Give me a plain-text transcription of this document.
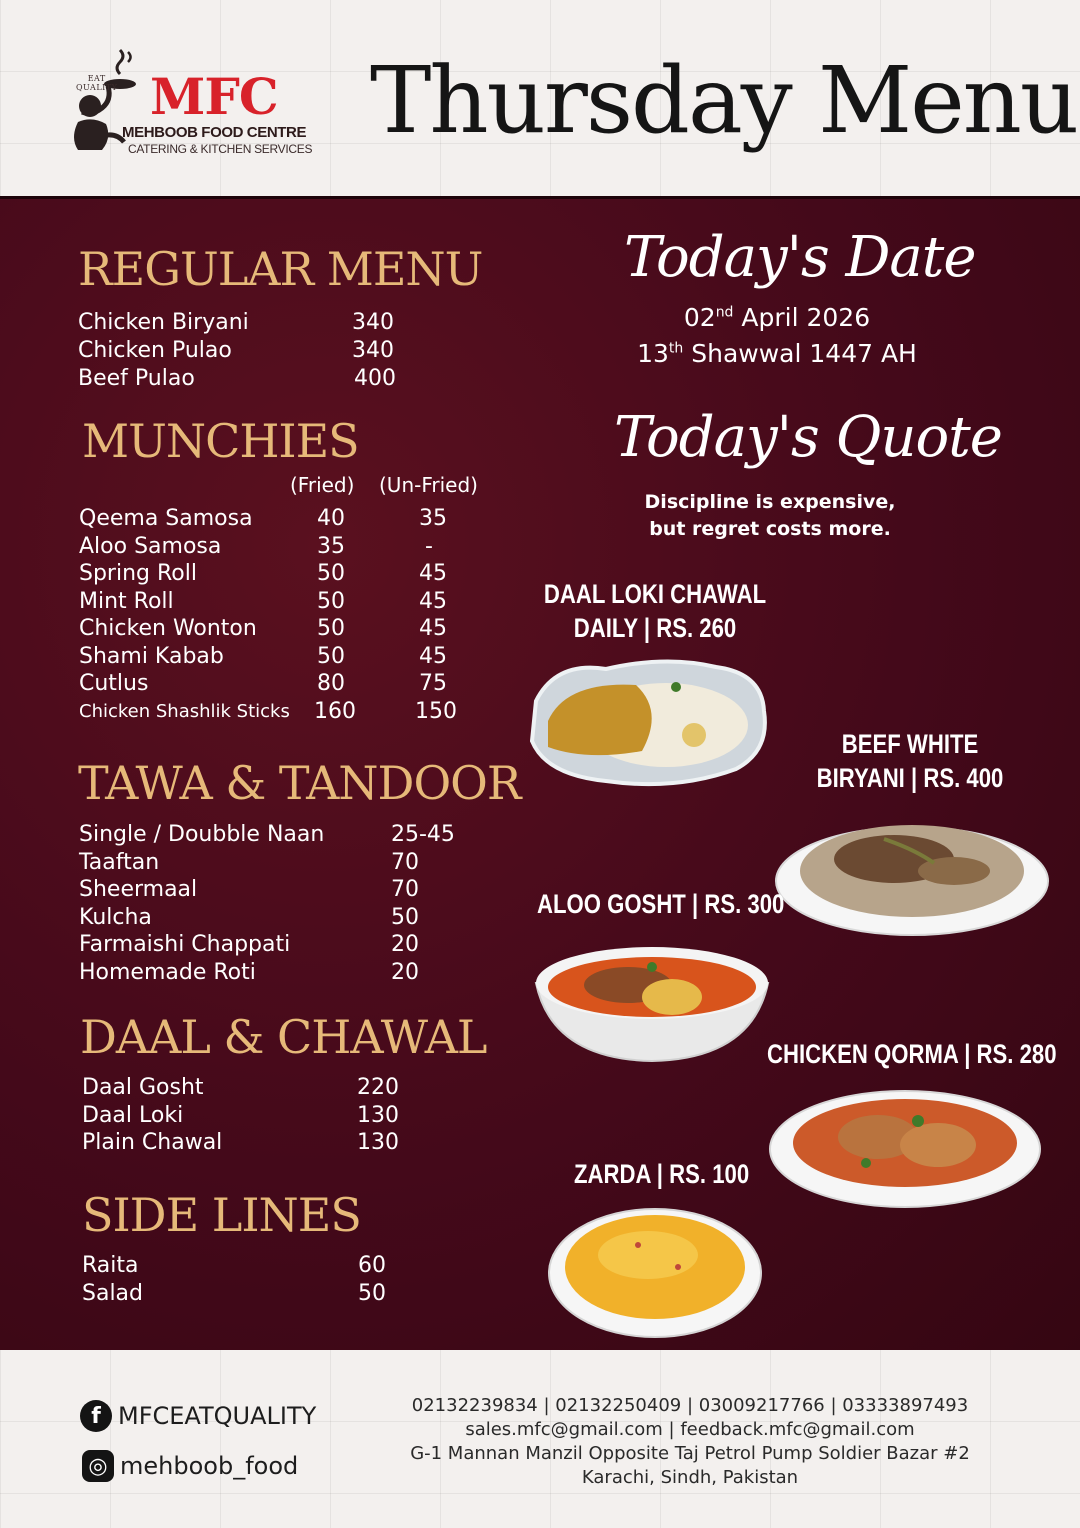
EAT
QUALITY MFC
MEHBOOB FOOD CENTRE
CATERING & KITCHEN SERVICES Thursday Menu
REGULAR MENU
Chicken Biryani	340
Chicken Pulao	340
Beef Pulao	400
MUNCHIES
(Fried) (Un-Fried)
Qeema Samosa	40	35
Aloo Samosa	35	-
Spring Roll	50	45
Mint Roll	50	45
Chicken Wonton	50	45
Shami Kabab	50	45
Cutlus	80	75
Chicken Shashlik Sticks 160	150
TAWA & TANDOOR
Single / Doubble Naan	25-45
Taaftan	70
Sheermaal	70
Kulcha	50
Farmaishi Chappati	20
Homemade Roti	20
DAAL & CHAWAL
Daal Gosht	220
Daal Loki	130
Plain Chawal	130
SIDE LINES
Raita	60
Salad	50
Today's Date
02nd April 2026
13th Shawwal 1447 AH
Today's Quote
Discipline is expensive,
but regret costs more.
DAAL LOKI CHAWAL
DAILY | RS. 260
BEEF WHITE
BIRYANI | RS. 400
ALOO GOSHT | RS. 300
CHICKEN QORMA | RS. 280
ZARDA | RS. 100
f MFCEATQUALITY
◎ mehboob_food
02132239834 | 02132250409 | 03009217766 | 03333897493
sales.mfc@gmail.com | feedback.mfc@gmail.com
G-1 Mannan Manzil Opposite Taj Petrol Pump Soldier Bazar #2
Karachi, Sindh, Pakistan
